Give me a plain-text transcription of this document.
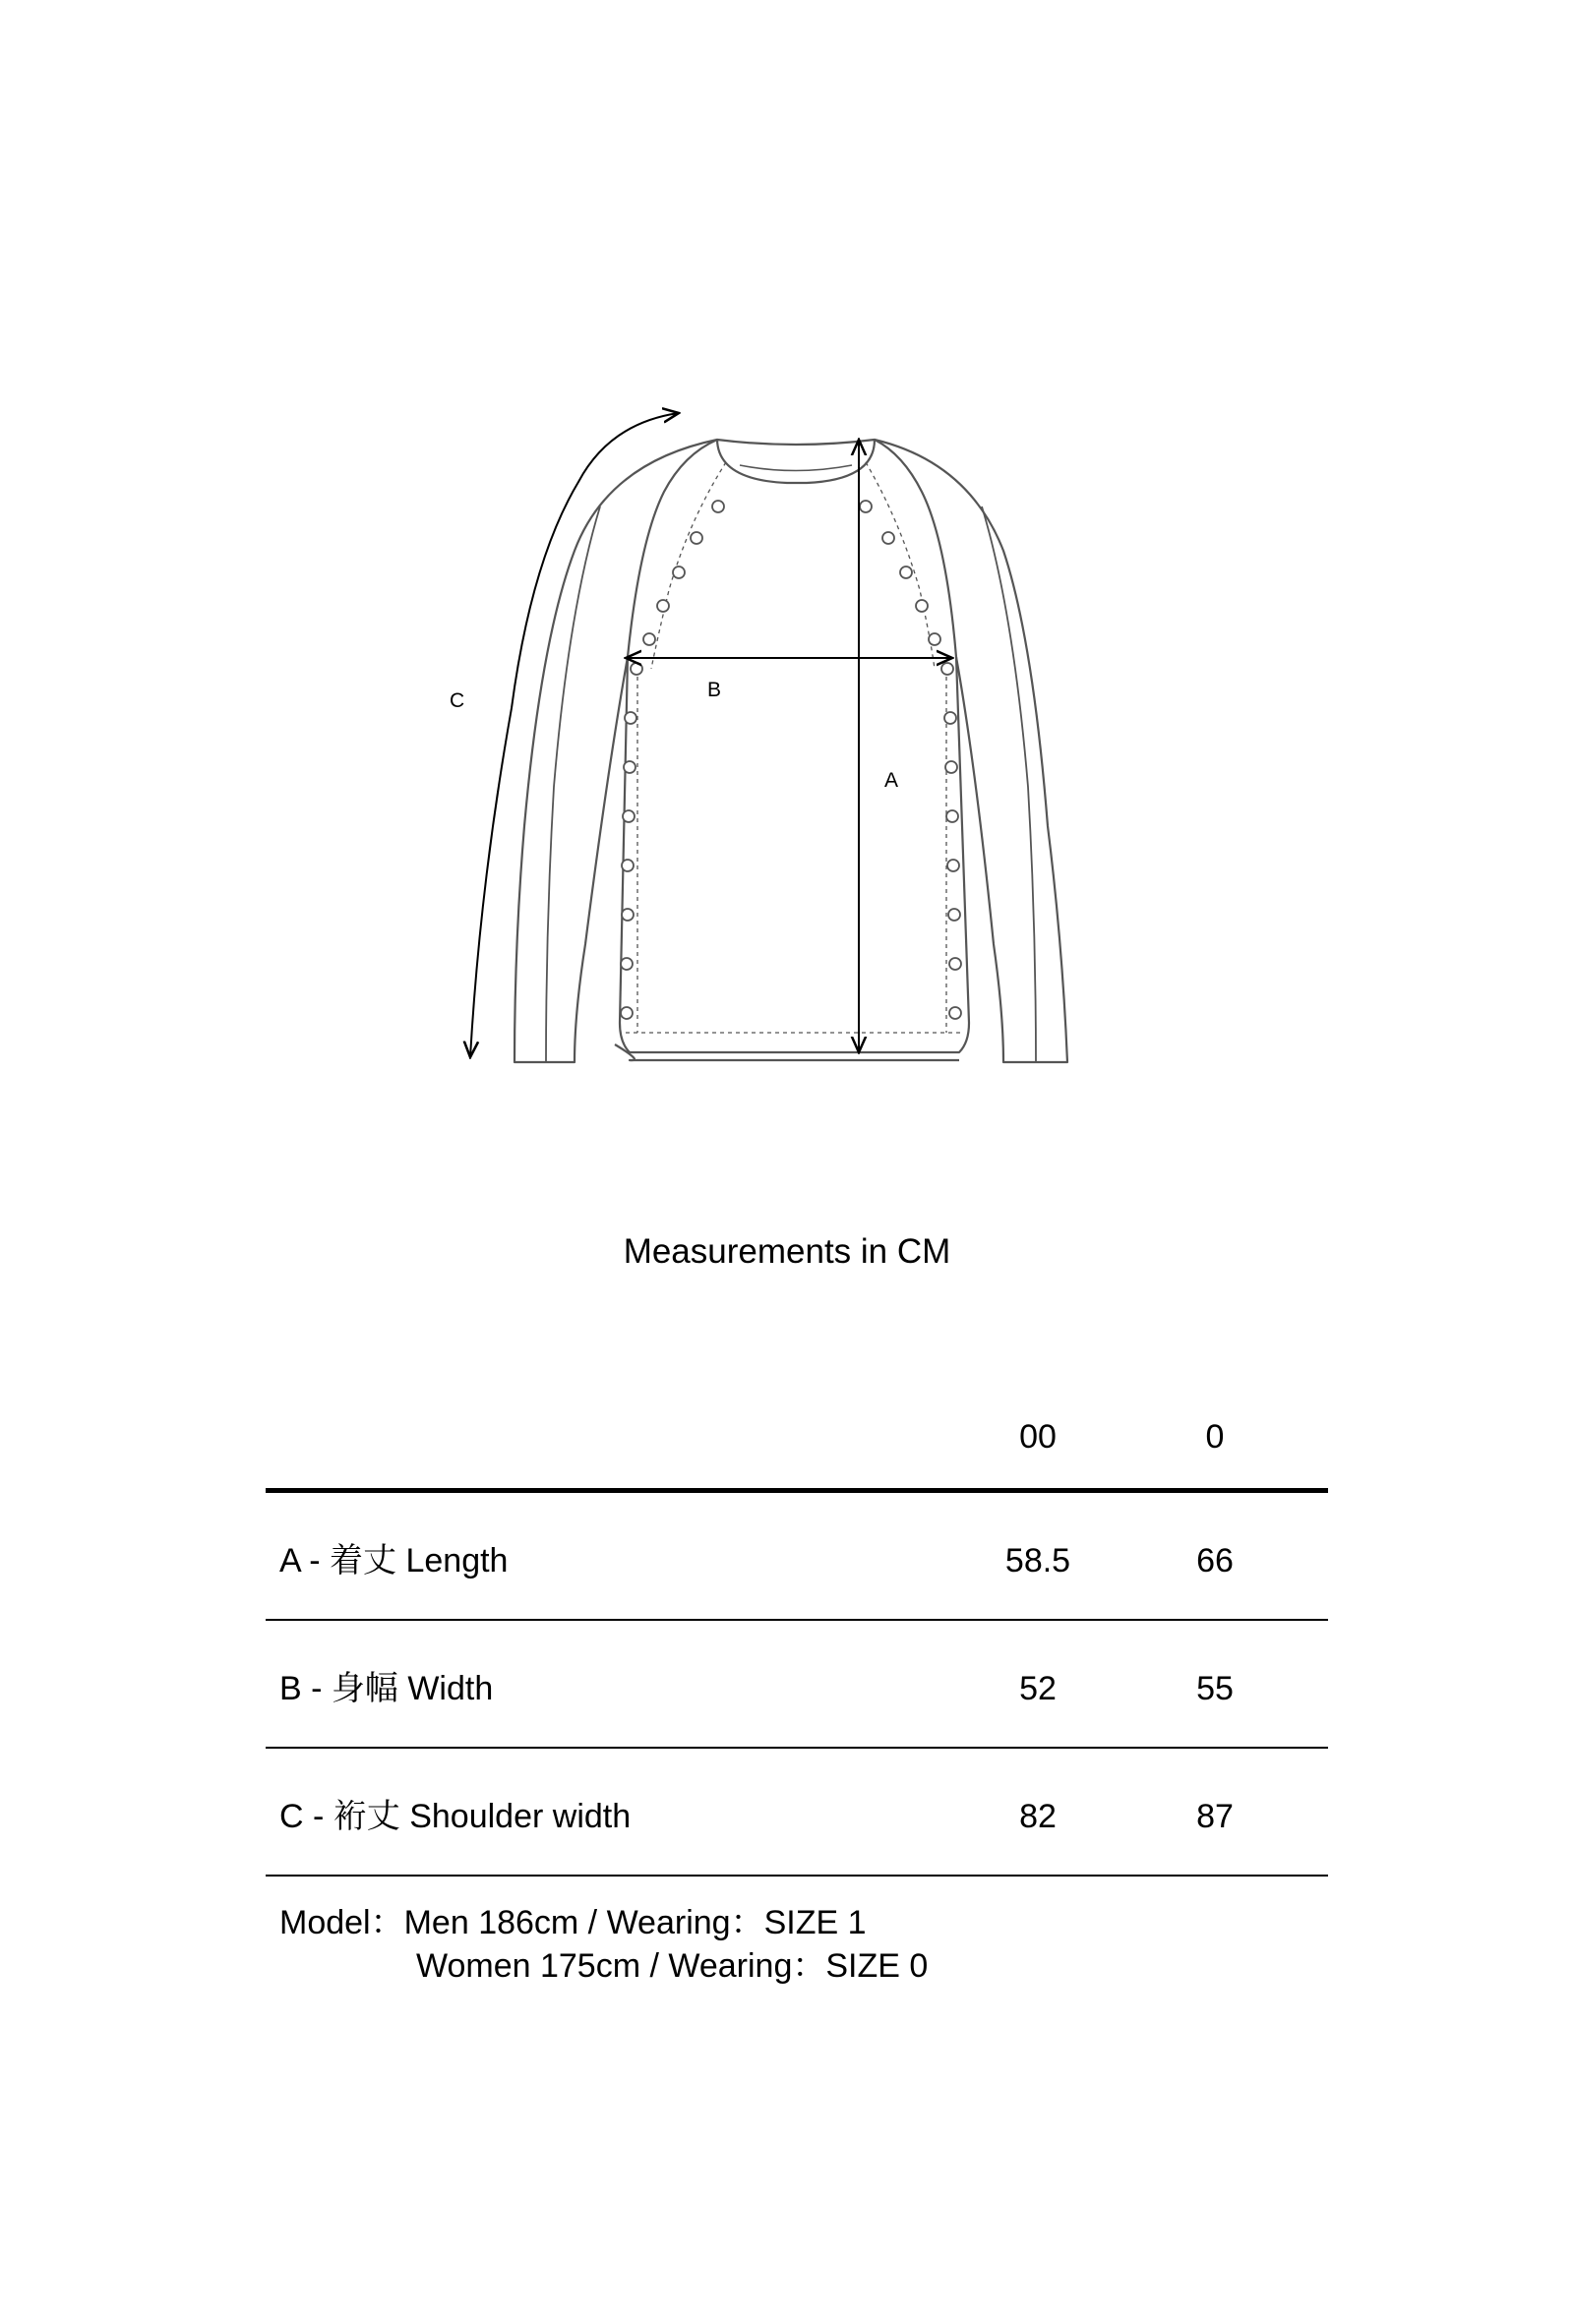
A
B
C
Measurements in CM
00	0
A - 着丈 Length	58.5	66
B - 身幅 Width	52	55
C - 裄丈 Shoulder width	82	87
Model：Men 186cm / Wearing：SIZE 1
Women 175cm / Wearing：SIZE 0
